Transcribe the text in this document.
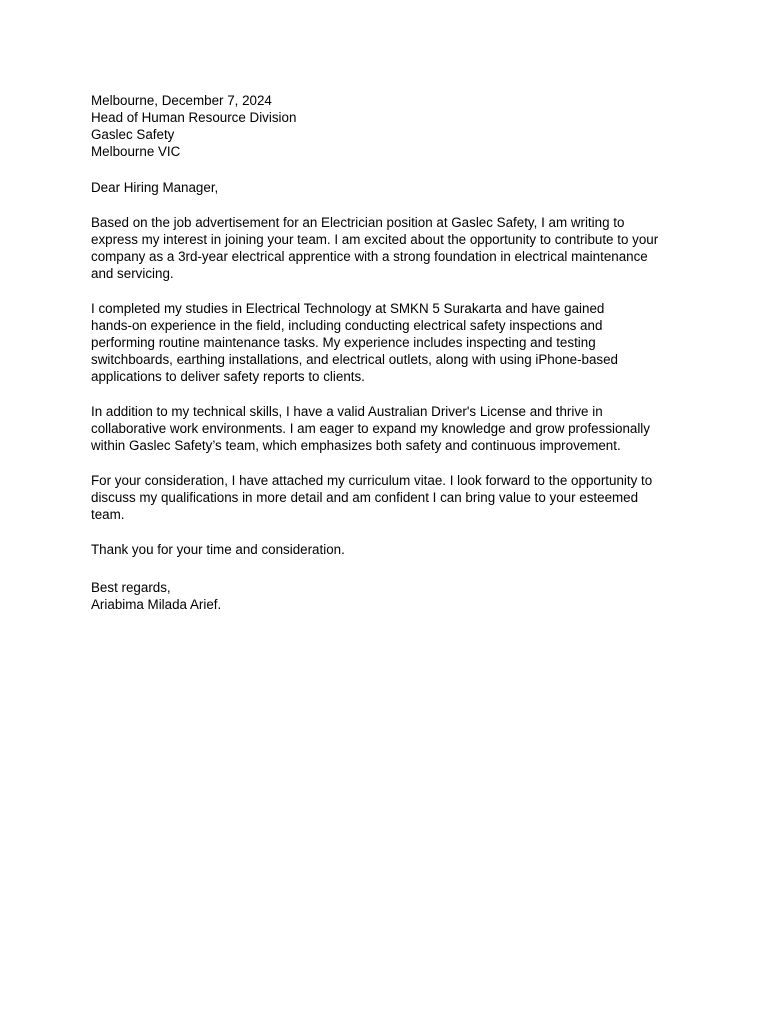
Melbourne, December 7, 2024

Head of Human Resource Division

Gaslec Safety

Melbourne VIC

Dear Hiring Manager,

Based on the job advertisement for an Electrician position at Gaslec Safety, I am writing to
express my interest in joining your team. I am excited about the opportunity to contribute to your
company as a 3rd-year electrical apprentice with a strong foundation in electrical maintenance
and servicing.

I completed my studies in Electrical Technology at SMKN 5 Surakarta and have gained
hands-on experience in the field, including conducting electrical safety inspections and
performing routine maintenance tasks. My experience includes inspecting and testing
switchboards, earthing installations, and electrical outlets, along with using iPhone-based
applications to deliver safety reports to clients.

In addition to my technical skills, I have a valid Australian Driver's License and thrive in
collaborative work environments. I am eager to expand my knowledge and grow professionally
within Gaslec Safety’s team, which emphasizes both safety and continuous improvement.

For your consideration, I have attached my curriculum vitae. I look forward to the opportunity to
discuss my qualifications in more detail and am confident I can bring value to your esteemed
team.

Thank you for your time and consideration.

Best regards,

Ariabima Milada Arief.
